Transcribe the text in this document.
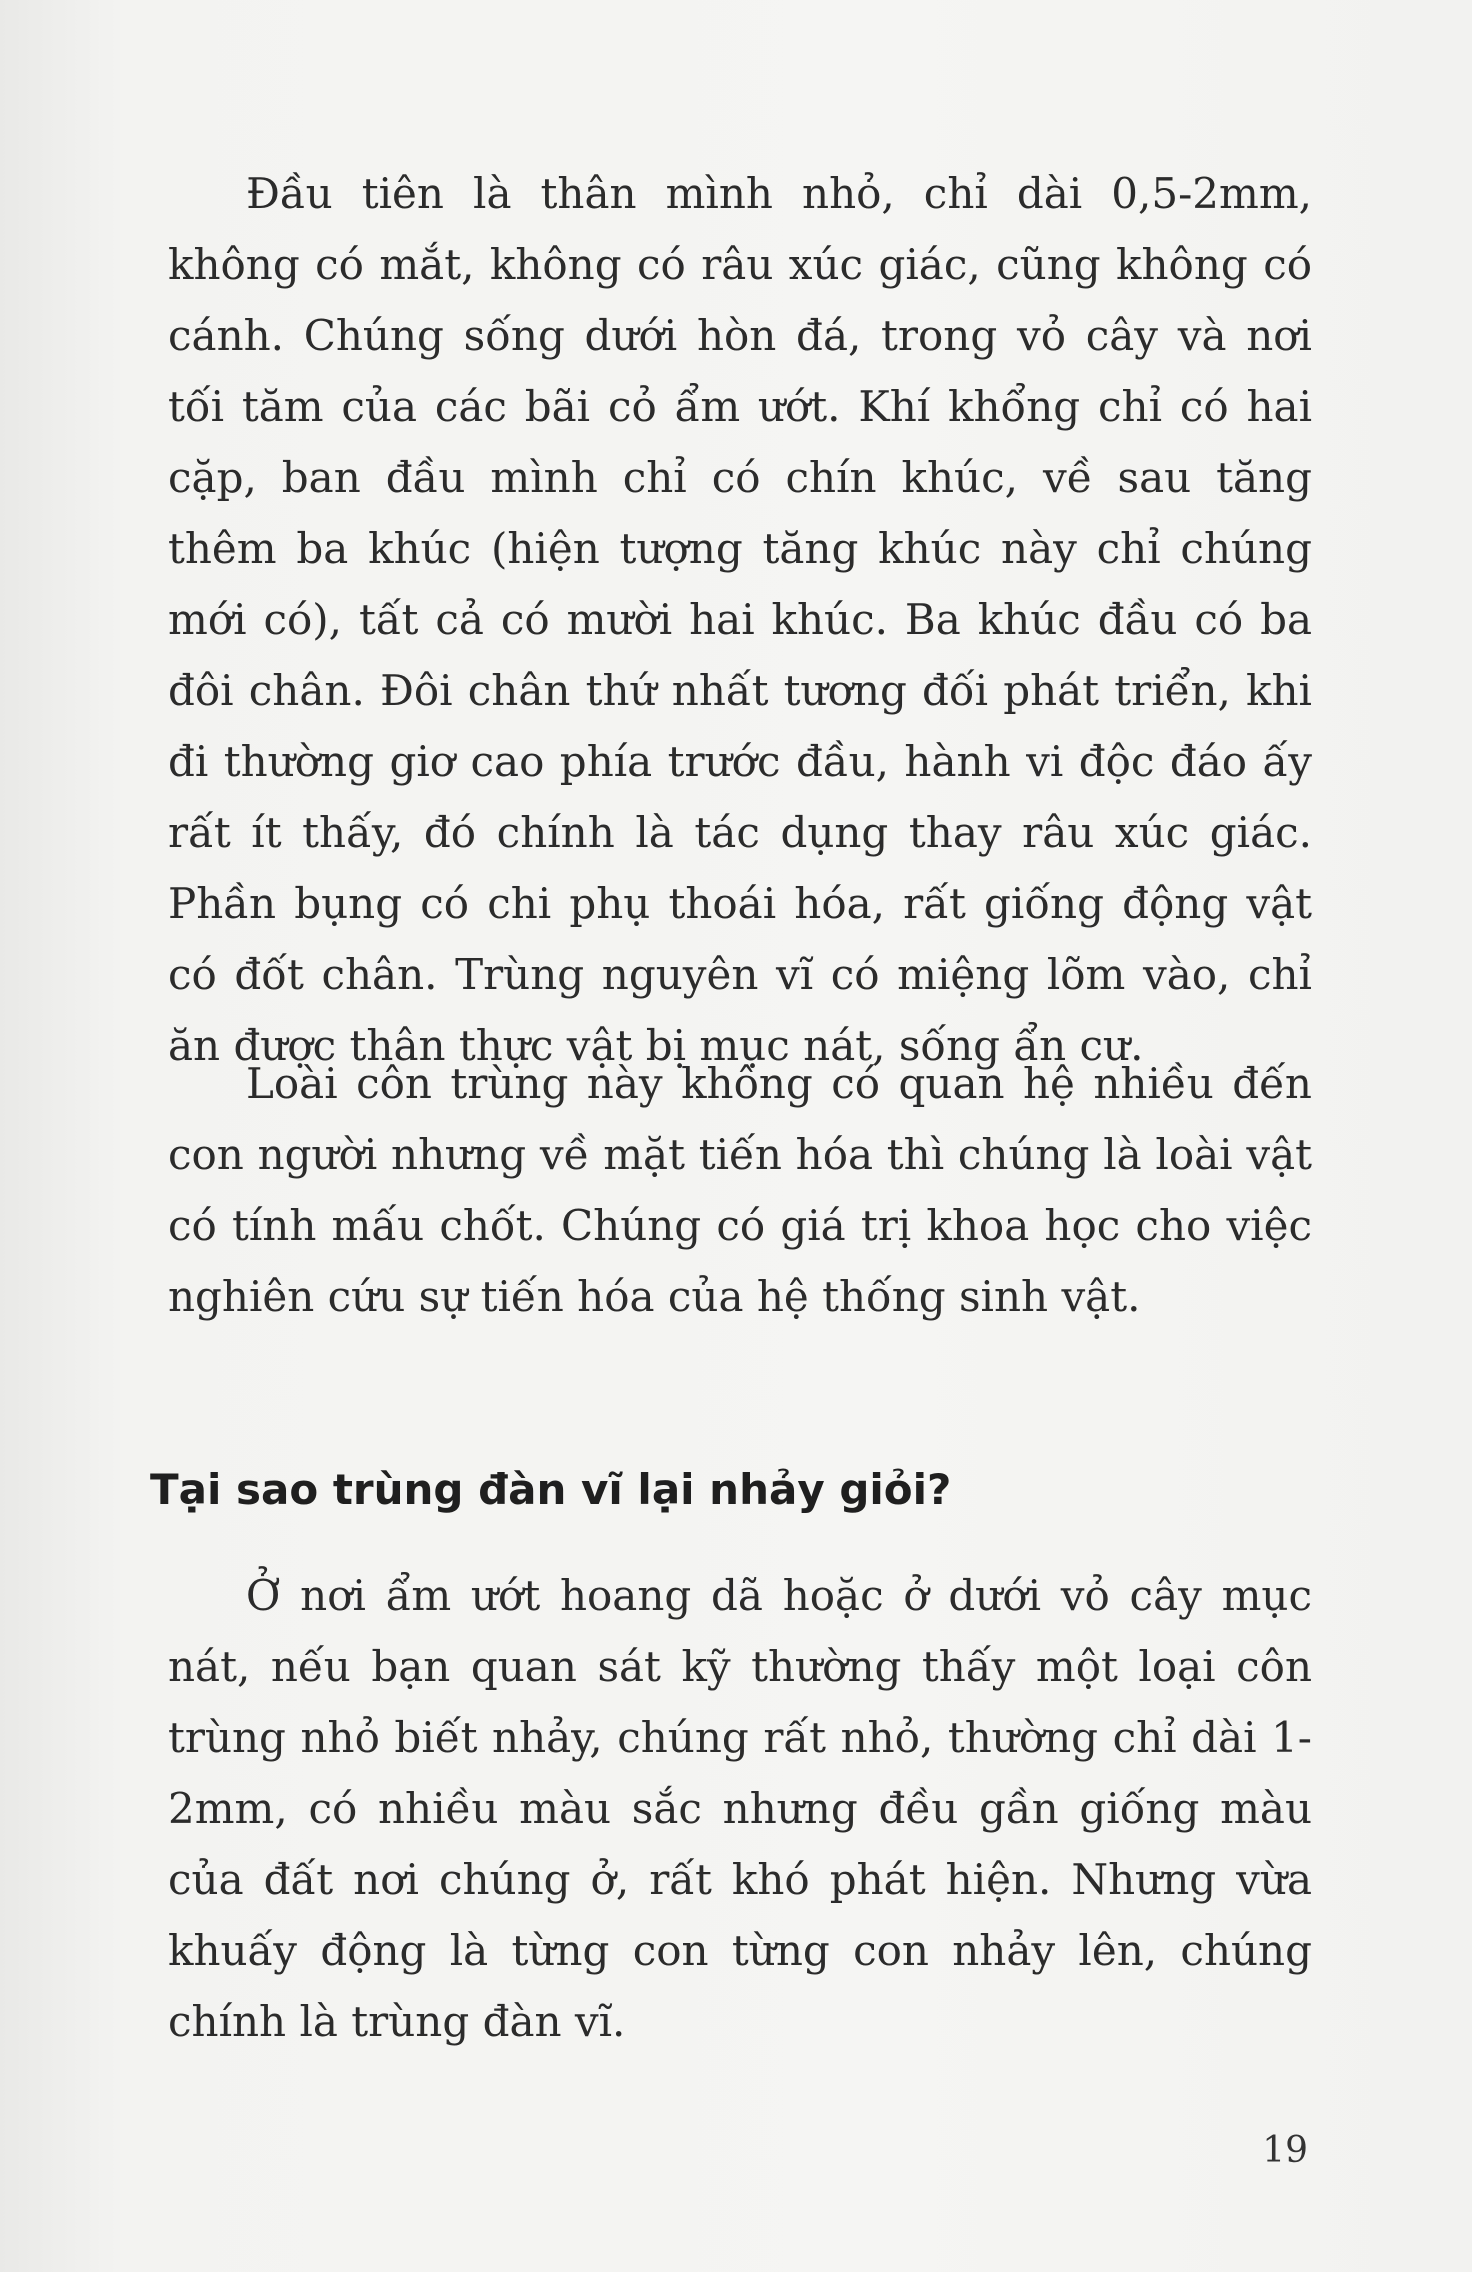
Đầu tiên là thân mình nhỏ, chỉ dài 0,5-2mm, không có mắt, không có râu xúc giác, cũng không có cánh. Chúng sống dưới hòn đá, trong vỏ cây và nơi tối tăm của các bãi cỏ ẩm ướt. Khí khổng chỉ có hai cặp, ban đầu mình chỉ có chín khúc, về sau tăng thêm ba khúc (hiện tượng tăng khúc này chỉ chúng mới có), tất cả có mười hai khúc. Ba khúc đầu có ba đôi chân. Đôi chân thứ nhất tương đối phát triển, khi đi thường giơ cao phía trước đầu, hành vi độc đáo ấy rất ít thấy, đó chính là tác dụng thay râu xúc giác. Phần bụng có chi phụ thoái hóa, rất giống động vật có đốt chân. Trùng nguyên vĩ có miệng lõm vào, chỉ ăn được thân thực vật bị mục nát, sống ẩn cư.

Loài côn trùng này không có quan hệ nhiều đến con người nhưng về mặt tiến hóa thì chúng là loài vật có tính mấu chốt. Chúng có giá trị khoa học cho việc nghiên cứu sự tiến hóa của hệ thống sinh vật.

Tại sao trùng đàn vĩ lại nhảy giỏi?

Ở nơi ẩm ướt hoang dã hoặc ở dưới vỏ cây mục nát, nếu bạn quan sát kỹ thường thấy một loại côn trùng nhỏ biết nhảy, chúng rất nhỏ, thường chỉ dài 1-2mm, có nhiều màu sắc nhưng đều gần giống màu của đất nơi chúng ở, rất khó phát hiện. Nhưng vừa khuấy động là từng con từng con nhảy lên, chúng chính là trùng đàn vĩ.

19
